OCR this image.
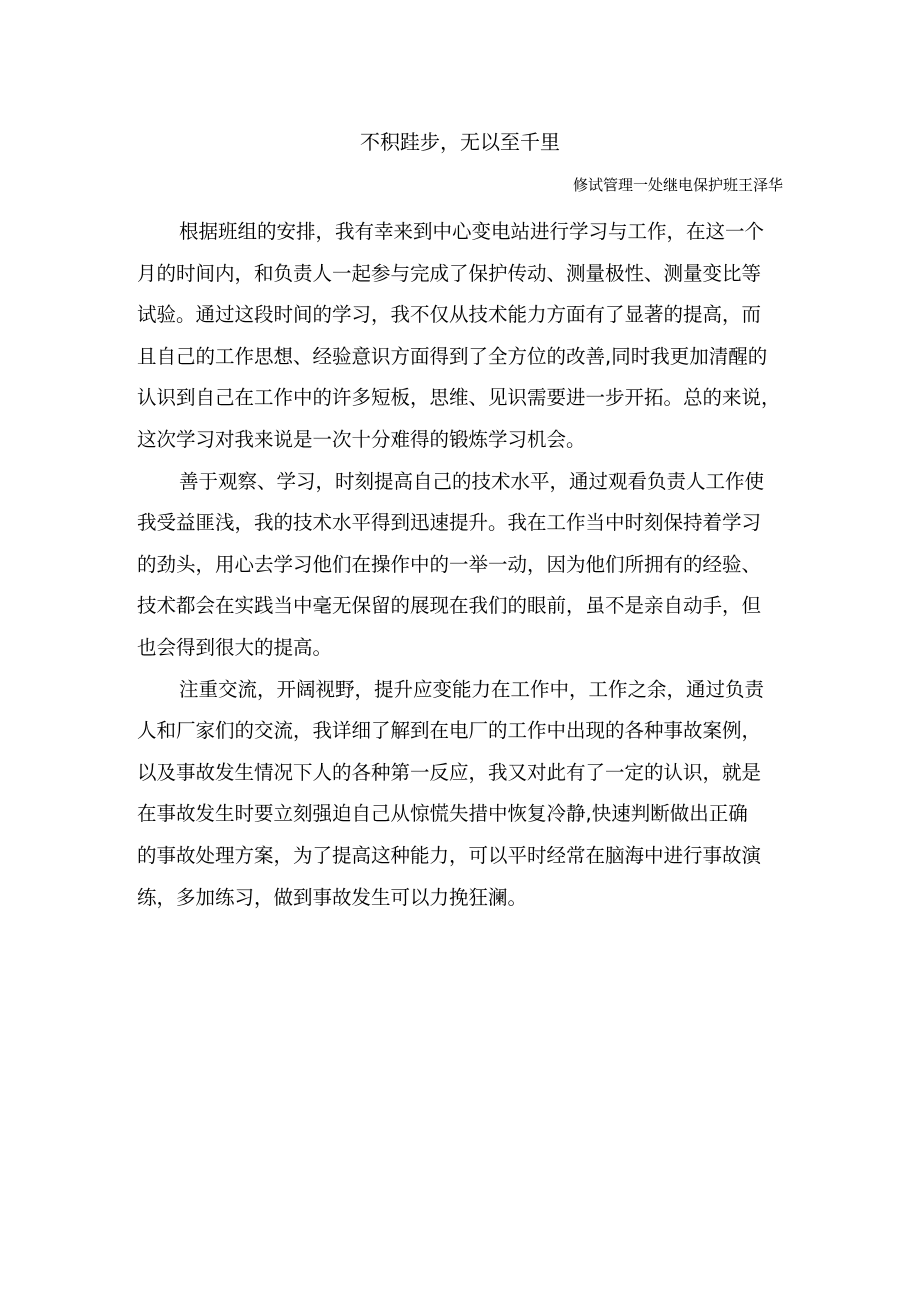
不积跬步，无以至千里
修试管理一处继电保护班王泽华
根据班组的安排，我有幸来到中心变电站进行学习与工作，在这一个
月的时间内，和负责人一起参与完成了保护传动、测量极性、测量变比等
试验。通过这段时间的学习，我不仅从技术能力方面有了显著的提高，而
且自己的工作思想、经验意识方面得到了全方位的改善,同时我更加清醒的
认识到自己在工作中的许多短板，思维、见识需要进一步开拓。总的来说，
这次学习对我来说是一次十分难得的锻炼学习机会。
善于观察、学习，时刻提高自己的技术水平，通过观看负责人工作使
我受益匪浅，我的技术水平得到迅速提升。我在工作当中时刻保持着学习
的劲头，用心去学习他们在操作中的一举一动，因为他们所拥有的经验、
技术都会在实践当中毫无保留的展现在我们的眼前，虽不是亲自动手，但
也会得到很大的提高。
注重交流，开阔视野，提升应变能力在工作中，工作之余，通过负责
人和厂家们的交流，我详细了解到在电厂的工作中出现的各种事故案例，
以及事故发生情况下人的各种第一反应，我又对此有了一定的认识，就是
在事故发生时要立刻强迫自己从惊慌失措中恢复冷静,快速判断做出正确
的事故处理方案，为了提高这种能力，可以平时经常在脑海中进行事故演
练，多加练习，做到事故发生可以力挽狂澜。
